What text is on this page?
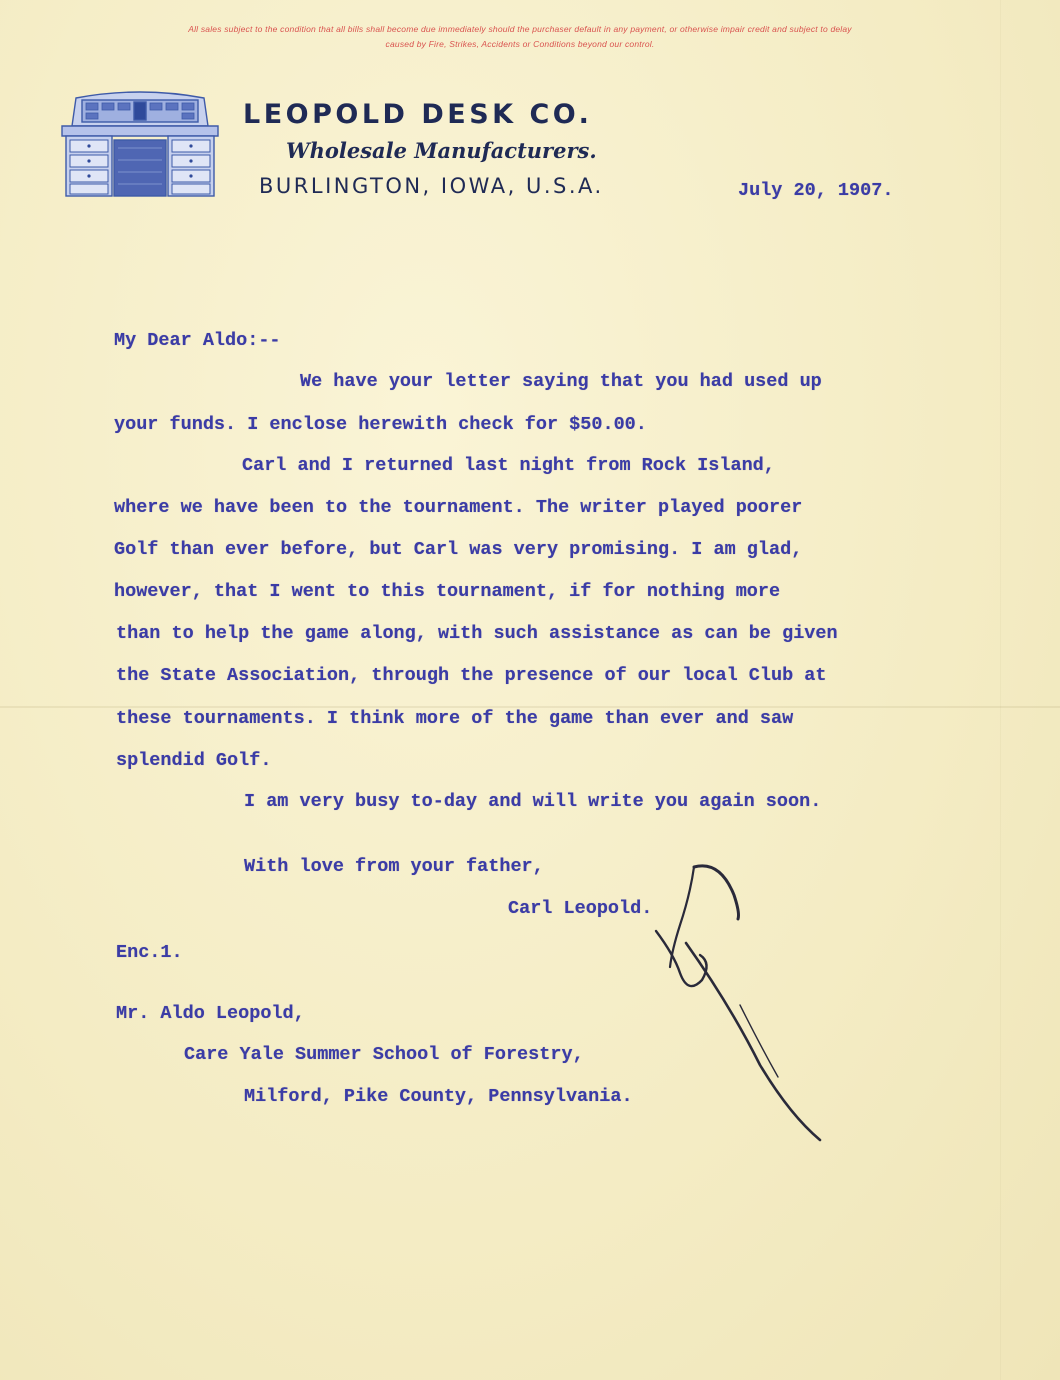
All sales subject to the condition that all bills shall become due immediately should the purchaser default in any payment, or otherwise impair credit and subject to delay
caused by Fire, Strikes, Accidents or Conditions beyond our control.
LEOPOLD DESK CO.
Wholesale Manufacturers.
BURLINGTON, IOWA, U.S.A.	July 20, 1907.
My Dear Aldo:--
We have your letter saying that you had used up
your funds. I enclose herewith check for $50.00.
Carl and I returned last night from Rock Island,
where we have been to the tournament. The writer played poorer
Golf than ever before, but Carl was very promising. I am glad,
however, that I went to this tournament, if for nothing more
than to help the game along, with such assistance as can be given
the State Association, through the presence of our local Club at
these tournaments. I think more of the game than ever and saw
splendid Golf.
I am very busy to-day and will write you again soon.
With love from your father,
Carl Leopold.
Enc.1.
Mr. Aldo Leopold,
Care Yale Summer School of Forestry,
Milford, Pike County, Pennsylvania.
